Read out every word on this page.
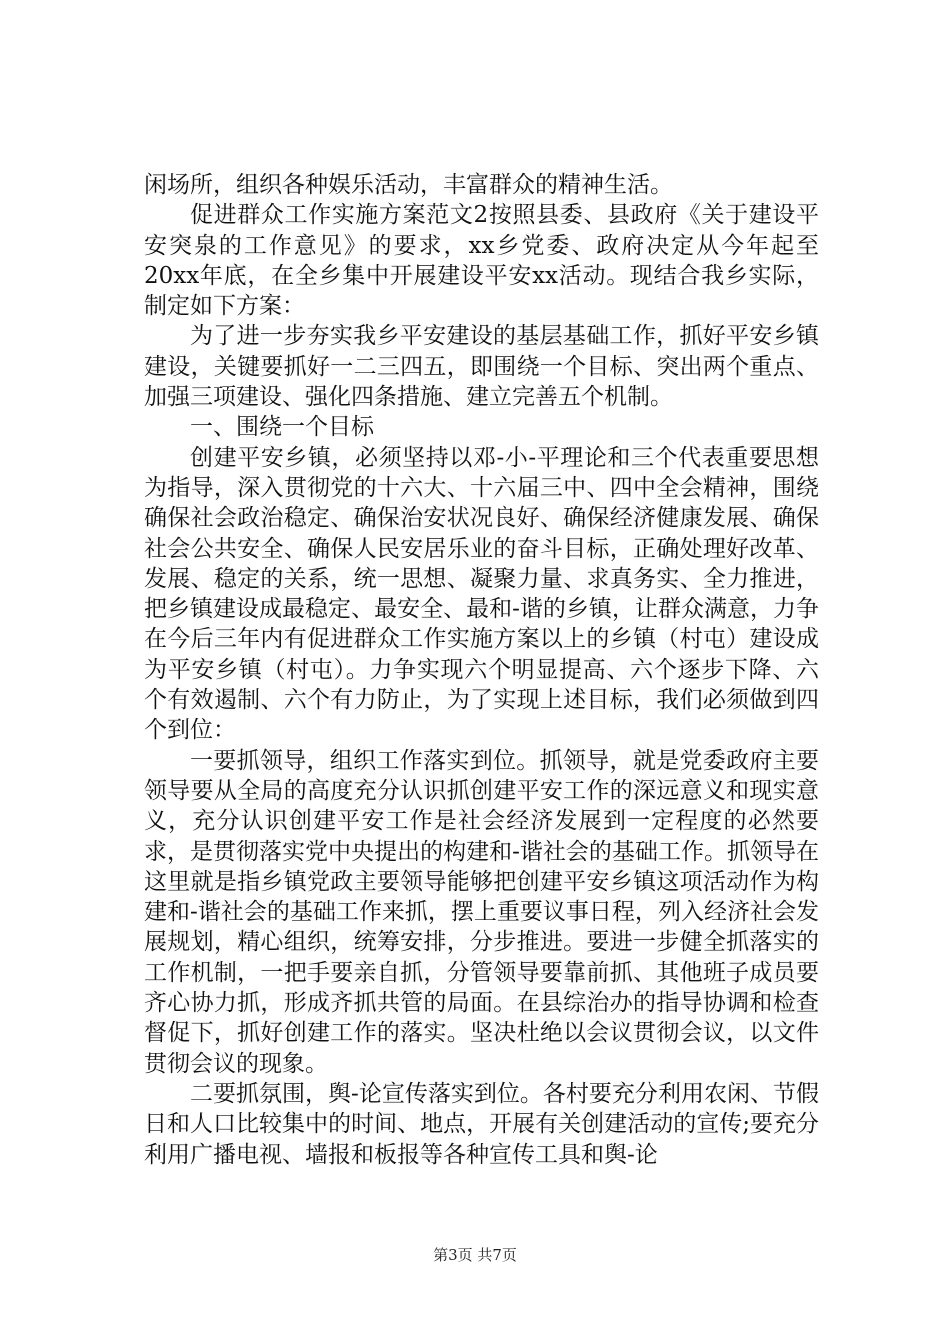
闲场所，组织各种娱乐活动，丰富群众的精神生活。

促进群众工作实施方案范文2按照县委、县政府《关于建设平安突泉的工作意见》的要求，xx乡党委、政府决定从今年起至20xx年底，在全乡集中开展建设平安xx活动。现结合我乡实际，制定如下方案：

为了进一步夯实我乡平安建设的基层基础工作，抓好平安乡镇建设，关键要抓好一二三四五，即围绕一个目标、突出两个重点、加强三项建设、强化四条措施、建立完善五个机制。

一、围绕一个目标

创建平安乡镇，必须坚持以邓-小-平理论和三个代表重要思想为指导，深入贯彻党的十六大、十六届三中、四中全会精神，围绕确保社会政治稳定、确保治安状况良好、确保经济健康发展、确保社会公共安全、确保人民安居乐业的奋斗目标，正确处理好改革、发展、稳定的关系，统一思想、凝聚力量、求真务实、全力推进，把乡镇建设成最稳定、最安全、最和-谐的乡镇，让群众满意，力争在今后三年内有促进群众工作实施方案以上的乡镇（村屯）建设成为平安乡镇（村屯）。力争实现六个明显提高、六个逐步下降、六个有效遏制、六个有力防止，为了实现上述目标，我们必须做到四个到位：

一要抓领导，组织工作落实到位。抓领导，就是党委政府主要领导要从全局的高度充分认识抓创建平安工作的深远意义和现实意义，充分认识创建平安工作是社会经济发展到一定程度的必然要求，是贯彻落实党中央提出的构建和-谐社会的基础工作。抓领导在这里就是指乡镇党政主要领导能够把创建平安乡镇这项活动作为构建和-谐社会的基础工作来抓，摆上重要议事日程，列入经济社会发展规划，精心组织，统筹安排，分步推进。要进一步健全抓落实的工作机制，一把手要亲自抓，分管领导要靠前抓、其他班子成员要齐心协力抓，形成齐抓共管的局面。在县综治办的指导协调和检查督促下，抓好创建工作的落实。坚决杜绝以会议贯彻会议，以文件贯彻会议的现象。

二要抓氛围，舆-论宣传落实到位。各村要充分利用农闲、节假日和人口比较集中的时间、地点，开展有关创建活动的宣传;要充分利用广播电视、墙报和板报等各种宣传工具和舆-论

第3页 共7页
